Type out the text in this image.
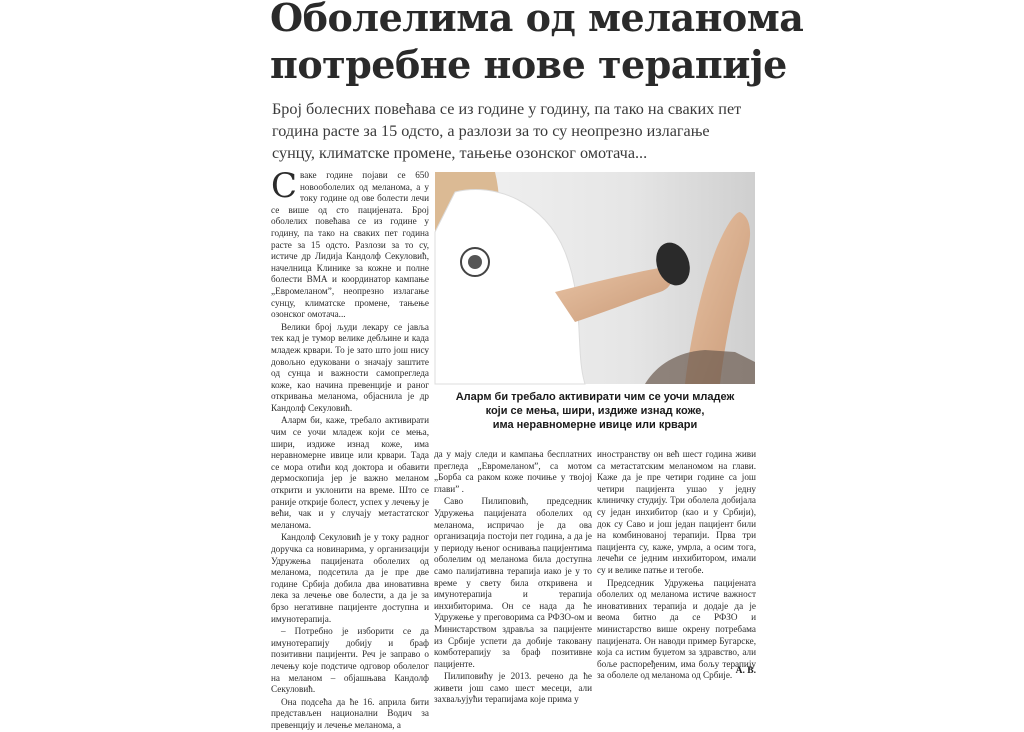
Оболелима од меланома
потребне нове терапије
Број болесних повећава се из године у годину, па тако на сваких пет година расте за 15 одсто, а разлози за то су неопрезно излагање сунцу, климатске промене, тањење озонског омотача...

Сваке године појави се 650 новооболелих од меланома, а у току године од ове болести лечи се више од сто пацијената. Број оболелих повећава се из године у годину, па тако на сваких пет година расте за 15 одсто. Разлози за то су, истиче др Лидија Кандолф Секуловић, начелница Клинике за кожне и полне болести ВМА и координатор кампање „Евромеланом”, неопрезно излагање сунцу, климатске промене, тањење озонског омотача...

Велики број људи лекару се јавља тек кад је тумор велике дебљине и када младеж крвари. То је зато што још нису довољно едуковани о значају заштите од сунца и важности самопрегледа коже, као начина превенције и раног откривања меланома, објаснила је др Кандолф Секуловић.

Аларм би, каже, требало активирати чим се уочи младеж који се мења, шири, издиже изнад коже, има неравномерне ивице или крвари. Тада се мора отићи код доктора и обавити дермоскопија јер је важно меланом открити и уклонити на време. Што се раније открије болест, успех у лечењу је већи, чак и у случају метастатског меланома.

Кандолф Секуловић је у току радног доручка са новинарима, у организацији Удружења пацијената оболелих од меланома, подсетила да је пре две године Србија добила два иновативна лека за лечење ове болести, а да је за брзо негативне пацијенте доступна и имунотерапија.

– Потребно је изборити се да имунотерапију добију и браф позитивни пацијенти. Реч је заправо о лечењу које подстиче одговор оболелог на меланом – објашњава Кандолф Секуловић.

Она подсећа да ће 16. априла бити представљен национални Водич за превенцију и лечење меланома, а

Аларм би требало активирати чим се уочи младеж
који се мења, шири, издиже изнад коже,
има неравномерне ивице или крвари

да у мају следи и кампања бесплатних прегледа „Евромеланом”, са мотом „Борба са раком коже почиње у твојој глави” .

Саво Пилиповић, председник Удружења пацијената оболелих од меланома, испричао је да ова организација постоји пет година, а да је у периоду њеног оснивања пацијентима оболелим од меланома била доступна само палијативна терапија иако је у то време у свету била откривена и имунотерапија и терапија инхибиторима. Он се нада да ће Удружење у преговорима са РФЗО-ом и Министарством здравља за пацијенте из Србије успети да добије таковану комботерапију за браф позитивне пацијенте.

Пилиповићу је 2013. речено да ће живети још само шест месеци, али захваљујући терапијама које прима у

иностранству он већ шест година живи са метастатским меланомом на глави. Каже да је пре четири године са још четири пацијента ушао у једну клиничку студију. Три оболела добијала су један инхибитор (као и у Србији), док су Саво и још један пацијент били на комбинованој терапији. Прва три пацијента су, каже, умрла, а осим тога, лечећи се једним инхибитором, имали су и велике патње и тегобе.

Председник Удружења пацијената оболелих од меланома истиче важност иновативних терапија и додаје да је веома битно да се РФЗО и министарство више окрену потребама пацијената. Он наводи пример Бугарске, која са истим буџетом за здравство, али боље распоређеним, има бољу терапију за оболеле од меланома од Србије. А. В.
